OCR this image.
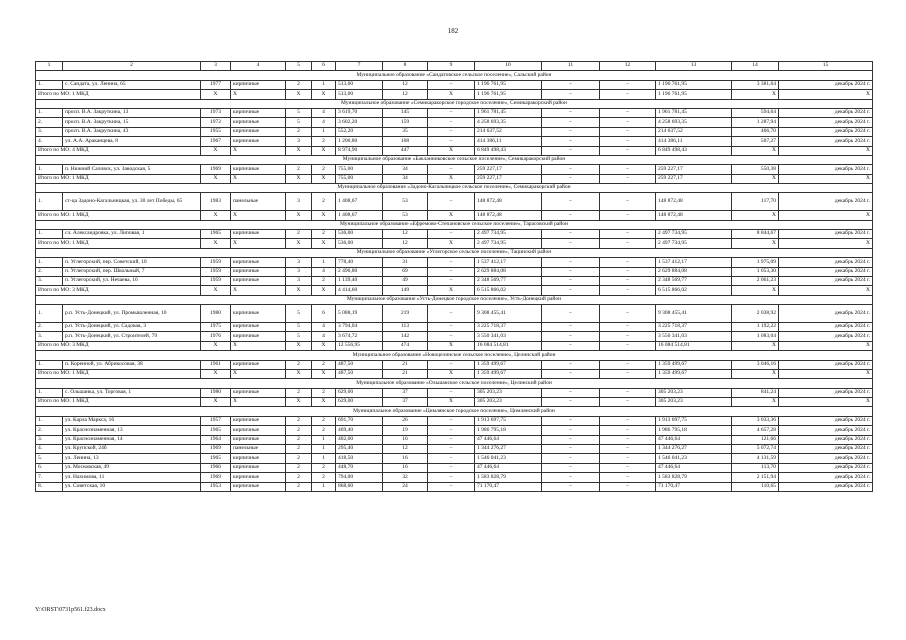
182
1	2	3	4	5	6	7	8	9	10	11	12	13	14	15
Муниципальное образование «Сандатовское сельское поселение», Сальский район														
1.	с. Сандата, ул. Ленина, 65	1977	кирпичные	2	1	513,00	12	–	1 196 761,95	–	–	1 196 761,95	3 381,64	декабрь 2024 г.
Итого по МО: 1 МКД		X	X	X	X	513,00	12	X	1 196 761,95	–	–	1 196 761,95	X	X
Муниципальное образование «Семикаракорское городское поселение», Семикаракорский район														
1.	просп. В.А. Закруткина, 13	1973	кирпичные	5	4	3 619,70	145	–	1 961 781,45	–	–	1 961 781,45	594,64	декабрь 2024 г.
2.	просп. В.А. Закруткина, 15	1972	кирпичные	5	4	3 602,20	159	–	4 258 693,35	–	–	4 258 693,35	1 287,94	декабрь 2024 г.
3.	просп. В.А. Закруткина, 43	1955	кирпичные	2	1	552,20	35	–	214 637,52	–	–	214 637,52	466,70	декабрь 2024 г.
4.	ул. А.А. Араканцева, 8	1967	кирпичные	3	2	1 200,80	108	–	414 386,11	–	–	414 386,11	507,27	декабрь 2024 г.
Итого по МО: 4 МКД		X	X	X	X	8 974,90	447	X	6 849 498,43	–	–	6 849 498,43	X	X
Муниципальное образование «Бакланниковское сельское поселение», Семикаракорский район														
1.	п. Нижний Саловск, ул. Заводская, 5	1969	кирпичные	2	2	755,00	34	–	259 227,17	–	–	259 227,17	550,38	декабрь 2024 г.
Итого по МО: 1 МКД		X	X	X	X	755,00	34	X	259 227,17	–	–	259 227,17	X	X
Муниципальное образование «Задоно-Кагальницкое сельское поселение», Семикаракорский район														
1.	ст-ца Задоно-Кагальницкая, ул. 30 лет Победы, 65	1983	панельные	3	2	1 408,67	53	–	148 872,48	–	–	148 872,48	117,70	декабрь 2024 г.
Итого по МО: 1 МКД		X	X	X	X	1 408,67	53	X	148 872,48	–	–	148 872,48	X	X
Муниципальное образование «Ефремово-Степановское сельское поселение», Тарасовский район														
1.	сл. Александровка, ул. Липовая, 1	1965	кирпичные	2	2	536,00	12	–	2 497 734,95	–	–	2 497 734,95	8 844,67	декабрь 2024 г.
Итого по МО: 1 МКД		X	X	X	X	536,00	12	X	2 497 734,95	–	–	2 497 734,95	X	X
Муниципальное образование «Углегорское сельское поселение», Тацинский район														
1.	п. Углегорский, пер. Советский, 10	1959	кирпичные	3	1	778,40	31	–	1 537 412,17	–	–	1 537 412,17	1 975,09	декабрь 2024 г.
2.	п. Углегорский, пер. Школьный, 7	1959	кирпичные	3	4	2 496,80	69	–	2 629 884,08	–	–	2 629 884,08	1 053,30	декабрь 2024 г.
3.	п. Углегорский, ул. Нечаева, 16	1959	кирпичные	3	2	1 139,40	49	–	2 348 569,77	–	–	2 348 569,77	2 061,23	декабрь 2024 г.
Итого по МО: 3 МКД		X	X	X	X	4 414,60	149	X	6 515 866,02	–	–	6 515 866,02	X	X
Муниципальное образование «Усть-Донецкое городское поселение», Усть-Донецкий район														
1.	р.п. Усть-Донецкий, ул. Промышленная, 10	1980	кирпичные	5	6	5 088,19	219	–	9 308 455,41	–	–	9 308 455,41	2 038,92	декабрь 2024 г.
2.	р.п. Усть-Донецкий, ул. Садовая, 3	1975	кирпичные	5	4	3 794,04	113	–	3 225 718,37	–	–	3 225 718,37	1 192,22	декабрь 2024 г.
3.	р.п. Усть-Донецкий, ул. Строителей, 79	1976	кирпичные	5	4	3 674,72	142	–	3 550 341,03	–	–	3 550 341,03	1 083,04	декабрь 2024 г.
Итого по МО: 3 МКД		X	X	X	X	12 556,95	474	X	16 084 514,81	–	–	16 084 514,81	X	X
Муниципальное образование «Новоцелинское сельское поселение», Целинский район														
1.	п. Коренной, ул. Абрикосовая, 38	1961	кирпичные	2	2	487,50	21	–	1 359 499,67	–	–	1 359 499,67	3 046,16	декабрь 2024 г.
Итого по МО: 1 МКД		X	X	X	X	487,50	21	X	1 359 499,67	–	–	1 359 499,67	X	X
Муниципальное образование «Ольшанское сельское поселение», Целинский район														
1.	с. Ольшанка, ул. Торговая, 1	1980	кирпичные	2	2	629,00	37	–	305 203,23	–	–	305 203,23	841,24	декабрь 2024 г.
Итого по МО: 1 МКД		X	X	X	X	629,00	37	X	305 203,23	–	–	305 203,23	X	X
Муниципальное образование «Цимлянское городское поселение», Цимлянский район														
1.	ул. Карла Маркса, 16	1957	кирпичные	2	2	691,70	26	–	1 913 697,75	–	–	1 913 697,75	3 033,36	декабрь 2024 г.
2.	ул. Краснознаменная, 13	1965	кирпичные	2	2	469,40	19	–	1 986 795,18	–	–	1 986 795,18	4 657,28	декабрь 2024 г.
3.	ул. Краснознаменная, 14	1964	кирпичные	2	1	402,00	16	–	47 446,64	–	–	47 446,64	121,66	декабрь 2024 г.
4.	ул. Крупской, 24б	1969	панельные	2	1	295,40	12	–	1 344 276,27	–	–	1 344 276,27	5 072,74	декабрь 2024 г.
5.	ул. Ленина, 13	1965	кирпичные	2	1	418,50	16	–	1 546 041,23	–	–	1 546 041,23	4 131,59	декабрь 2024 г.
6.	ул. Московская, 49	1966	кирпичные	2	2	448,70	16	–	47 446,64	–	–	47 446,64	113,70	декабрь 2024 г.
7.	ул. Нахимова, 11	1969	кирпичные	2	2	794,00	32	–	1 583 828,79	–	–	1 583 828,79	2 151,94	декабрь 2024 г.
8.	ул. Советская, 10	1953	кирпичные	2	1	868,60	24	–	71 170,47	–	–	71 170,47	110,65	декабрь 2024 г.
Y:\ORST\0731p561.f23.docx
